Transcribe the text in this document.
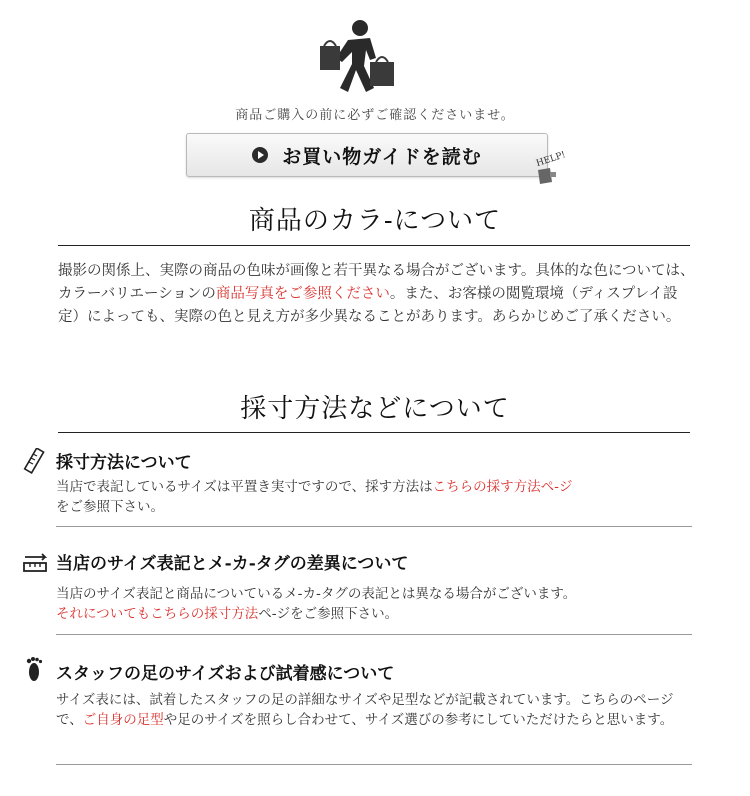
商品ご購入の前に必ずご確認くださいませ。
お買い物ガイドを読む	HELP!
商品のカラ-について
撮影の関係上、実際の商品の色味が画像と若干異なる場合がございます。具体的な色については、カラーバリエーションの商品写真をご参照ください。また、お客様の閲覧環境（ディスプレイ設定）によっても、実際の色と見え方が多少異なることがあります。あらかじめご了承ください。
採寸方法などについて
採寸方法について
当店で表記しているサイズは平置き実寸ですので、採す方法はこちらの採す方法ペ-ジ
をご参照下さい。
当店のサイズ表記とメ-カ-タグの差異について
当店のサイズ表記と商品についているメ-カ-タグの表記とは異なる場合がございます。
それについてもこちらの採寸方法ペ-ジをご参照下さい。
スタッフの足のサイズおよび試着感について
サイズ表には、試着したスタッフの足の詳細なサイズや足型などが記載されています。こちらのページで、ご自身の足型や足のサイズを照らし合わせて、サイズ選びの参考にしていただけたらと思います。
